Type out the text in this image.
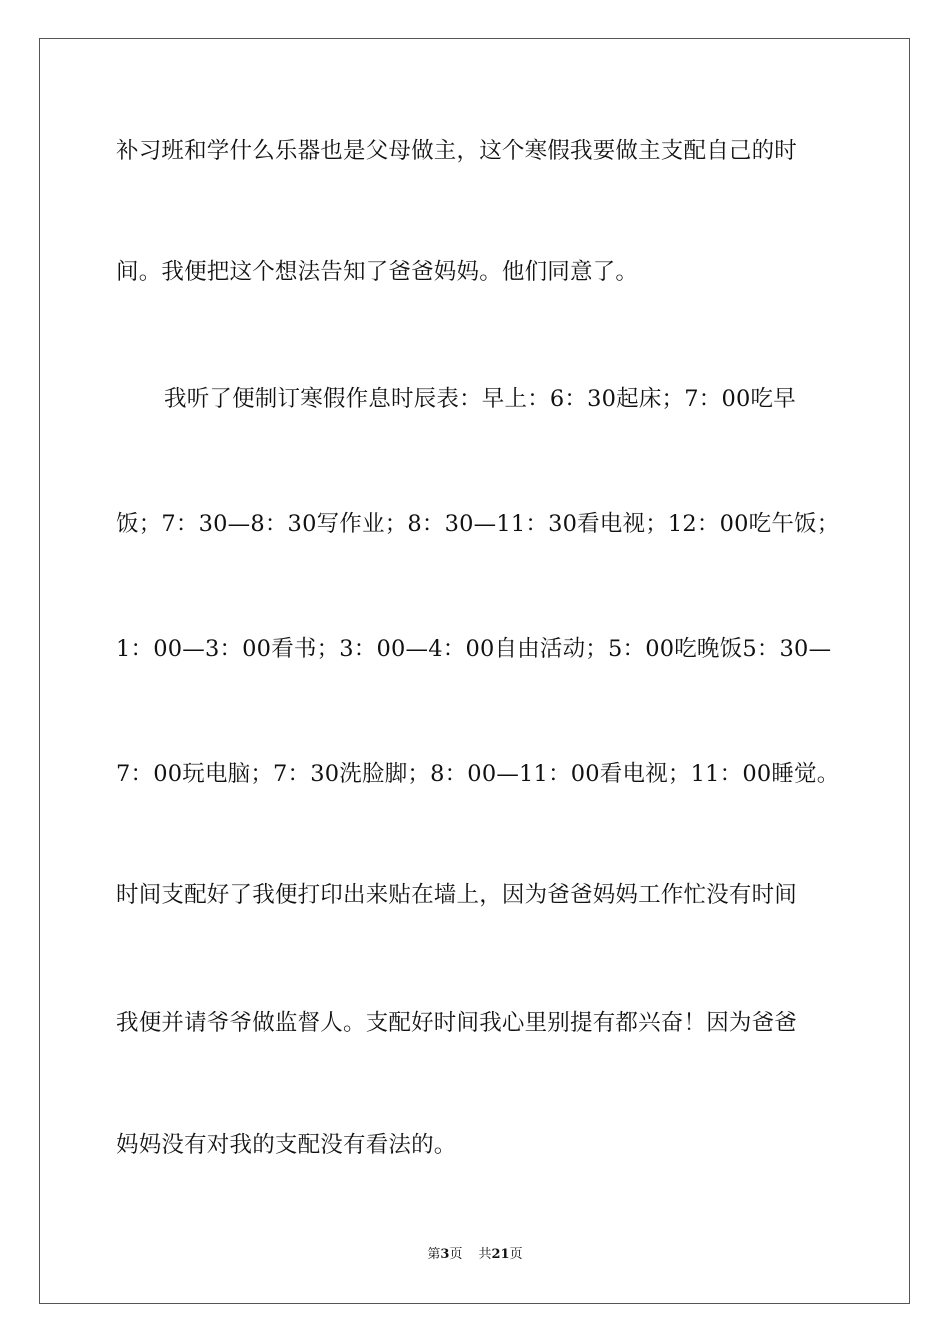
补习班和学什么乐器也是父母做主，这个寒假我要做主支配自己的时
间。我便把这个想法告知了爸爸妈妈。他们同意了。
我听了便制订寒假作息时辰表：早上：6：30起床；7：00吃早
饭；7：30—8：30写作业；8：30—11：30看电视；12：00吃午饭；
1：00—3：00看书；3：00—4：00自由活动；5：00吃晚饭5：30—
7：00玩电脑；7：30洗脸脚；8：00—11：00看电视；11：00睡觉。
时间支配好了我便打印出来贴在墙上，因为爸爸妈妈工作忙没有时间
我便并请爷爷做监督人。支配好时间我心里别提有都兴奋！因为爸爸
妈妈没有对我的支配没有看法的。
第3页 共21页
